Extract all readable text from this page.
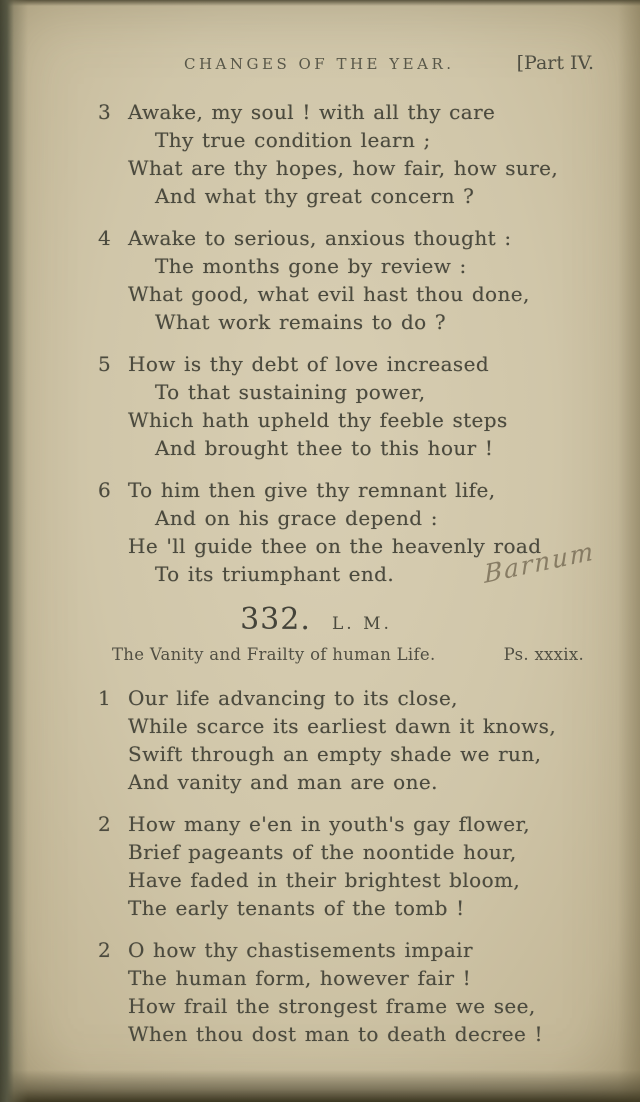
CHANGES OF THE YEAR.	[Part IV.
3 Awake, my soul ! with all thy care
Thy true condition learn ;
What are thy hopes, how fair, how sure,
And what thy great concern ?
4 Awake to serious, anxious thought :
The months gone by review :
What good, what evil hast thou done,
What work remains to do ?
5 How is thy debt of love increased
To that sustaining power,
Which hath upheld thy feeble steps
And brought thee to this hour !
6 To him then give thy remnant life,
And on his grace depend :
He 'll guide thee on the heavenly road
To its triumphant end.
332. L. M.
The Vanity and Frailty of human Life.	Ps. xxxix.
1 Our life advancing to its close,
While scarce its earliest dawn it knows,
Swift through an empty shade we run,
And vanity and man are one.
2 How many e'en in youth's gay flower,
Brief pageants of the noontide hour,
Have faded in their brightest bloom,
The early tenants of the tomb !
2 O how thy chastisements impair
The human form, however fair !
How frail the strongest frame we see,
When thou dost man to death decree !
Barnum
